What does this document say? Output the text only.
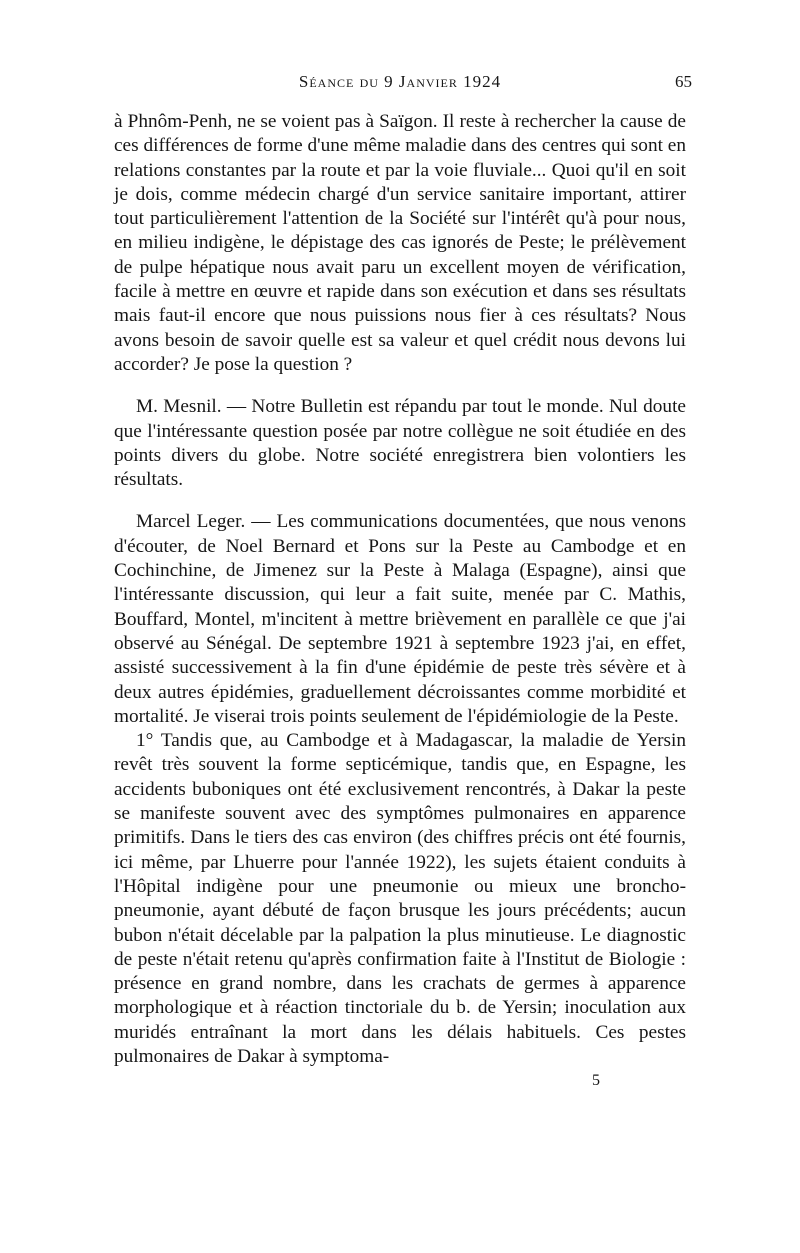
Séance du 9 Janvier 1924	65

à Phnôm-Penh, ne se voient pas à Saïgon. Il reste à rechercher la cause de ces différences de forme d'une même maladie dans des centres qui sont en relations constantes par la route et par la voie fluviale... Quoi qu'il en soit je dois, comme médecin chargé d'un service sanitaire important, attirer tout particulièrement l'attention de la Société sur l'intérêt qu'à pour nous, en milieu indigène, le dépistage des cas ignorés de Peste; le prélèvement de pulpe hépatique nous avait paru un excellent moyen de vérification, facile à mettre en œuvre et rapide dans son exécution et dans ses résultats mais faut-il encore que nous puissions nous fier à ces résultats? Nous avons besoin de savoir quelle est sa valeur et quel crédit nous devons lui accorder? Je pose la question ?

M. Mesnil. — Notre Bulletin est répandu par tout le monde. Nul doute que l'intéressante question posée par notre collègue ne soit étudiée en des points divers du globe. Notre société enregistrera bien volontiers les résultats.

Marcel Leger. — Les communications documentées, que nous venons d'écouter, de Noel Bernard et Pons sur la Peste au Cambodge et en Cochinchine, de Jimenez sur la Peste à Malaga (Espagne), ainsi que l'intéressante discussion, qui leur a fait suite, menée par C. Mathis, Bouffard, Montel, m'incitent à mettre brièvement en parallèle ce que j'ai observé au Sénégal. De septembre 1921 à septembre 1923 j'ai, en effet, assisté successivement à la fin d'une épidémie de peste très sévère et à deux autres épidémies, graduellement décroissantes comme morbidité et mortalité. Je viserai trois points seulement de l'épidémiologie de la Peste.

1° Tandis que, au Cambodge et à Madagascar, la maladie de Yersin revêt très souvent la forme septicémique, tandis que, en Espagne, les accidents buboniques ont été exclusivement rencontrés, à Dakar la peste se manifeste souvent avec des symptômes pulmonaires en apparence primitifs. Dans le tiers des cas environ (des chiffres précis ont été fournis, ici même, par Lhuerre pour l'année 1922), les sujets étaient conduits à l'Hôpital indigène pour une pneumonie ou mieux une broncho-pneumonie, ayant débuté de façon brusque les jours précédents; aucun bubon n'était décelable par la palpation la plus minutieuse. Le diagnostic de peste n'était retenu qu'après confirmation faite à l'Institut de Biologie : présence en grand nombre, dans les crachats de germes à apparence morphologique et à réaction tinctoriale du b. de Yersin; inoculation aux muridés entraînant la mort dans les délais habituels. Ces pestes pulmonaires de Dakar à symptoma-

5
